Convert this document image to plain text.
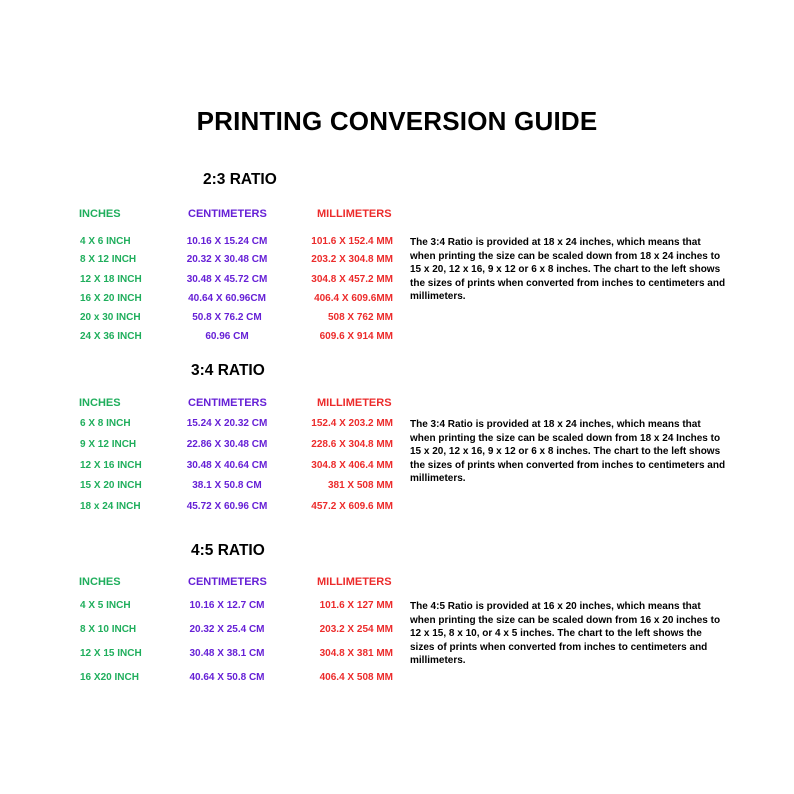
PRINTING CONVERSION GUIDE
2:3 RATIO
INCHES	CENTIMETERS	MILLIMETERS
4 X 6 INCH	10.16 X 15.24 CM	101.6 X 152.4 MM
8 X 12 INCH	20.32 X 30.48 CM	203.2 X 304.8 MM
12 X 18 INCH	30.48 X 45.72 CM	304.8 X 457.2 MM
16 X 20 INCH	40.64 X 60.96CM	406.4 X 609.6MM
20 x 30 INCH	50.8 X 76.2 CM	508 X 762 MM
24 X 36 INCH	60.96 CM	609.6 X 914 MM
The 3:4 Ratio is provided at 18 x 24 inches, which means that when printing the size can be scaled down from 18 x 24 inches to 15 x 20, 12 x 16, 9 x 12 or 6 x 8 inches. The chart to the left shows the sizes of prints when converted from inches to centimeters and millimeters.
3:4 RATIO
INCHES	CENTIMETERS	MILLIMETERS
6 X 8 INCH	15.24 X 20.32 CM	152.4 X 203.2 MM
9 X 12 INCH	22.86 X 30.48 CM	228.6 X 304.8 MM
12 X 16 INCH	30.48 X 40.64 CM	304.8 X 406.4 MM
15 X 20 INCH	38.1 X 50.8 CM	381 X 508 MM
18 x 24 INCH	45.72 X 60.96 CM	457.2 X 609.6 MM
The 3:4 Ratio is provided at 18 x 24 inches, which means that when printing the size can be scaled down from 18 x 24 Inches to 15 x 20, 12 x 16, 9 x 12 or 6 x 8 inches. The chart to the left shows the sizes of prints when converted from inches to centimeters and millimeters.
4:5 RATIO
INCHES	CENTIMETERS	MILLIMETERS
4 X 5 INCH	10.16 X 12.7 CM	101.6 X 127 MM
8 X 10 INCH	20.32 X 25.4 CM	203.2 X 254 MM
12 X 15 INCH	30.48 X 38.1 CM	304.8 X 381 MM
16 X20 INCH	40.64 X 50.8 CM	406.4 X 508 MM
The 4:5 Ratio is provided at 16 x 20 inches, which means that when printing the size can be scaled down from 16 x 20 inches to 12 x 15, 8 x 10, or 4 x 5 inches. The chart to the left shows the sizes of prints when converted from inches to centimeters and millimeters.
